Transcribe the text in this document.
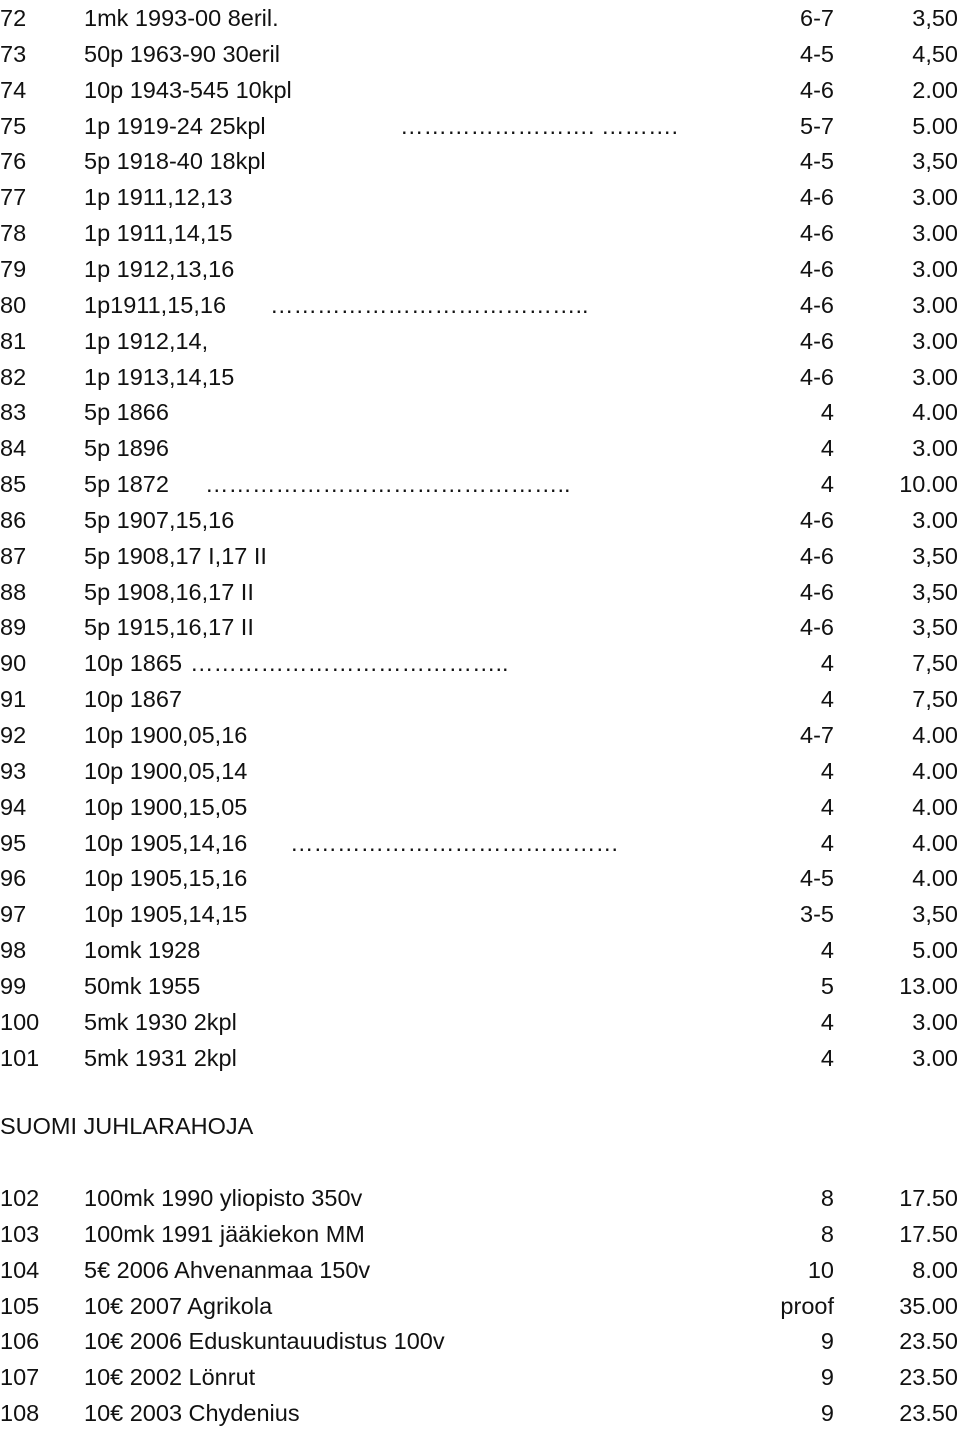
72 1mk 1993-00 8eril.	6-7	3,50
73 50p 1963-90 30eril	4-5	4,50
74 10p 1943-545 10kpl	4-6	2.00
75 1p 1919-24 25kpl	5-7	5.00
……………………. ……….
76 5p 1918-40 18kpl	4-5	3,50
77 1p 1911,12,13	4-6	3.00
78 1p 1911,14,15	4-6	3.00
79 1p 1912,13,16	4-6	3.00
80 1p1911,15,16	4-6	3.00
…………………………………..
81 1p 1912,14,	4-6	3.00
82 1p 1913,14,15	4-6	3.00
83 5p 1866	4	4.00
84 5p 1896	4	3.00
85 5p 1872	4	10.00
………………………………………..
86 5p 1907,15,16	4-6	3.00
87 5p 1908,17 I,17 II	4-6	3,50
88 5p 1908,16,17 II	4-6	3,50
89 5p 1915,16,17 II	4-6	3,50
90 10p 1865	4	7,50
…………………………………..
91 10p 1867	4	7,50
92 10p 1900,05,16	4-7	4.00
93 10p 1900,05,14	4	4.00
94 10p 1900,15,05	4	4.00
95 10p 1905,14,16	4	4.00
……………………………………
96 10p 1905,15,16	4-5	4.00
97 10p 1905,14,15	3-5	3,50
98 1omk 1928	4	5.00
99 50mk 1955	5	13.00
100 5mk 1930 2kpl	4	3.00
101 5mk 1931 2kpl	4	3.00
SUOMI JUHLARAHOJA
102 100mk 1990 yliopisto 350v	8	17.50
103 100mk 1991 jääkiekon MM	8	17.50
104 5€ 2006 Ahvenanmaa 150v	10	8.00
105 10€ 2007 Agrikola	proof	35.00
106 10€ 2006 Eduskuntauudistus 100v	9	23.50
107 10€ 2002 Lönrut	9	23.50
108 10€ 2003 Chydenius	9	23.50
